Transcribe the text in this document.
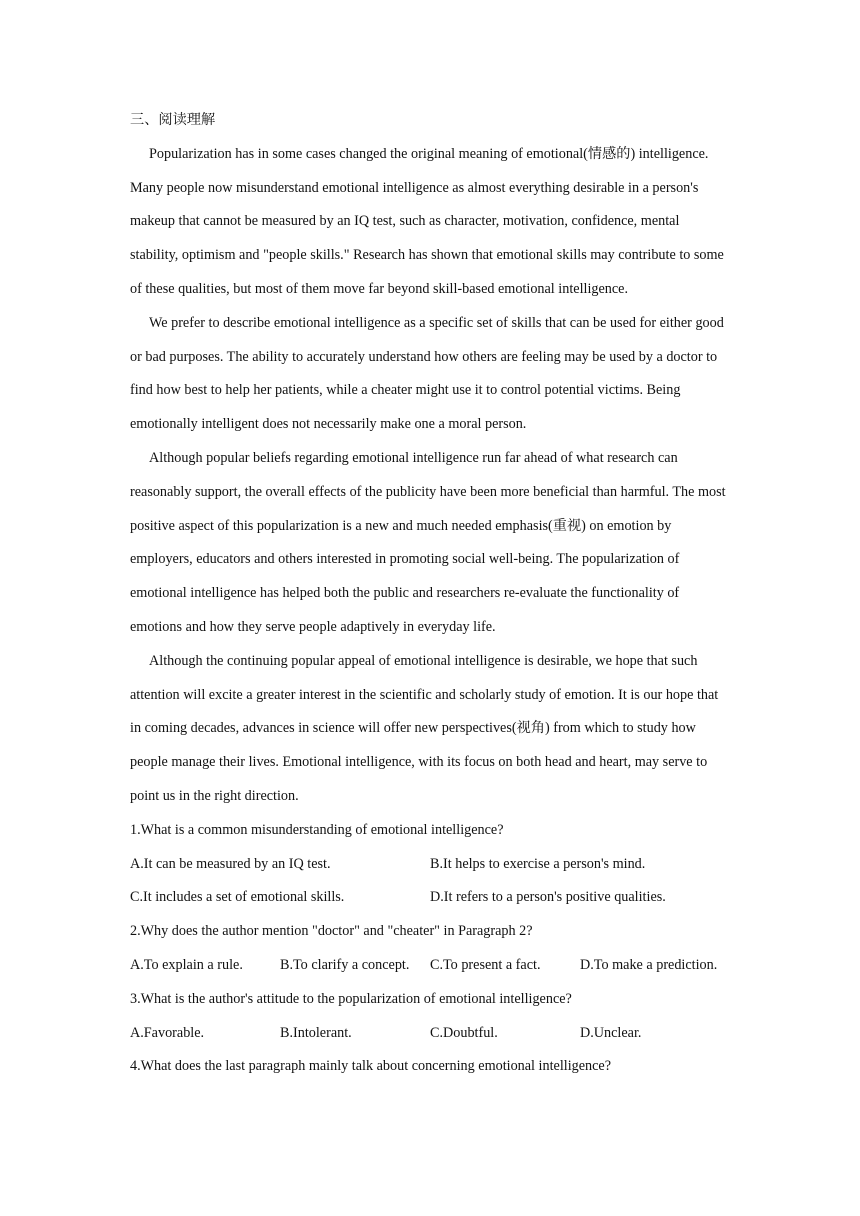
三、阅读理解

Popularization has in some cases changed the original meaning of emotional(情感的) intelligence. Many people now misunderstand emotional intelligence as almost everything desirable in a person's makeup that cannot be measured by an IQ test, such as character, motivation, confidence, mental stability, optimism and "people skills." Research has shown that emotional skills may contribute to some of these qualities, but most of them move far beyond skill-based emotional intelligence.

We prefer to describe emotional intelligence as a specific set of skills that can be used for either good or bad purposes. The ability to accurately understand how others are feeling may be used by a doctor to find how best to help her patients, while a cheater might use it to control potential victims. Being emotionally intelligent does not necessarily make one a moral person.

Although popular beliefs regarding emotional intelligence run far ahead of what research can reasonably support, the overall effects of the publicity have been more beneficial than harmful. The most positive aspect of this popularization is a new and much needed emphasis(重视) on emotion by employers, educators and others interested in promoting social well-being. The popularization of emotional intelligence has helped both the public and researchers re-evaluate the functionality of emotions and how they serve people adaptively in everyday life.

Although the continuing popular appeal of emotional intelligence is desirable, we hope that such attention will excite a greater interest in the scientific and scholarly study of emotion. It is our hope that in coming decades, advances in science will offer new perspectives(视角) from which to study how people manage their lives. Emotional intelligence, with its focus on both head and heart, may serve to point us in the right direction.

1.What is a common misunderstanding of emotional intelligence?

A.It can be measured by an IQ test.	B.It helps to exercise a person's mind.
C.It includes a set of emotional skills.	D.It refers to a person's positive qualities.

2.Why does the author mention "doctor" and "cheater" in Paragraph 2?

A.To explain a rule.	B.To clarify a concept.	C.To present a fact.	D.To make a prediction.

3.What is the author's attitude to the popularization of emotional intelligence?

A.Favorable.	B.Intolerant.	C.Doubtful.	D.Unclear.

4.What does the last paragraph mainly talk about concerning emotional intelligence?
